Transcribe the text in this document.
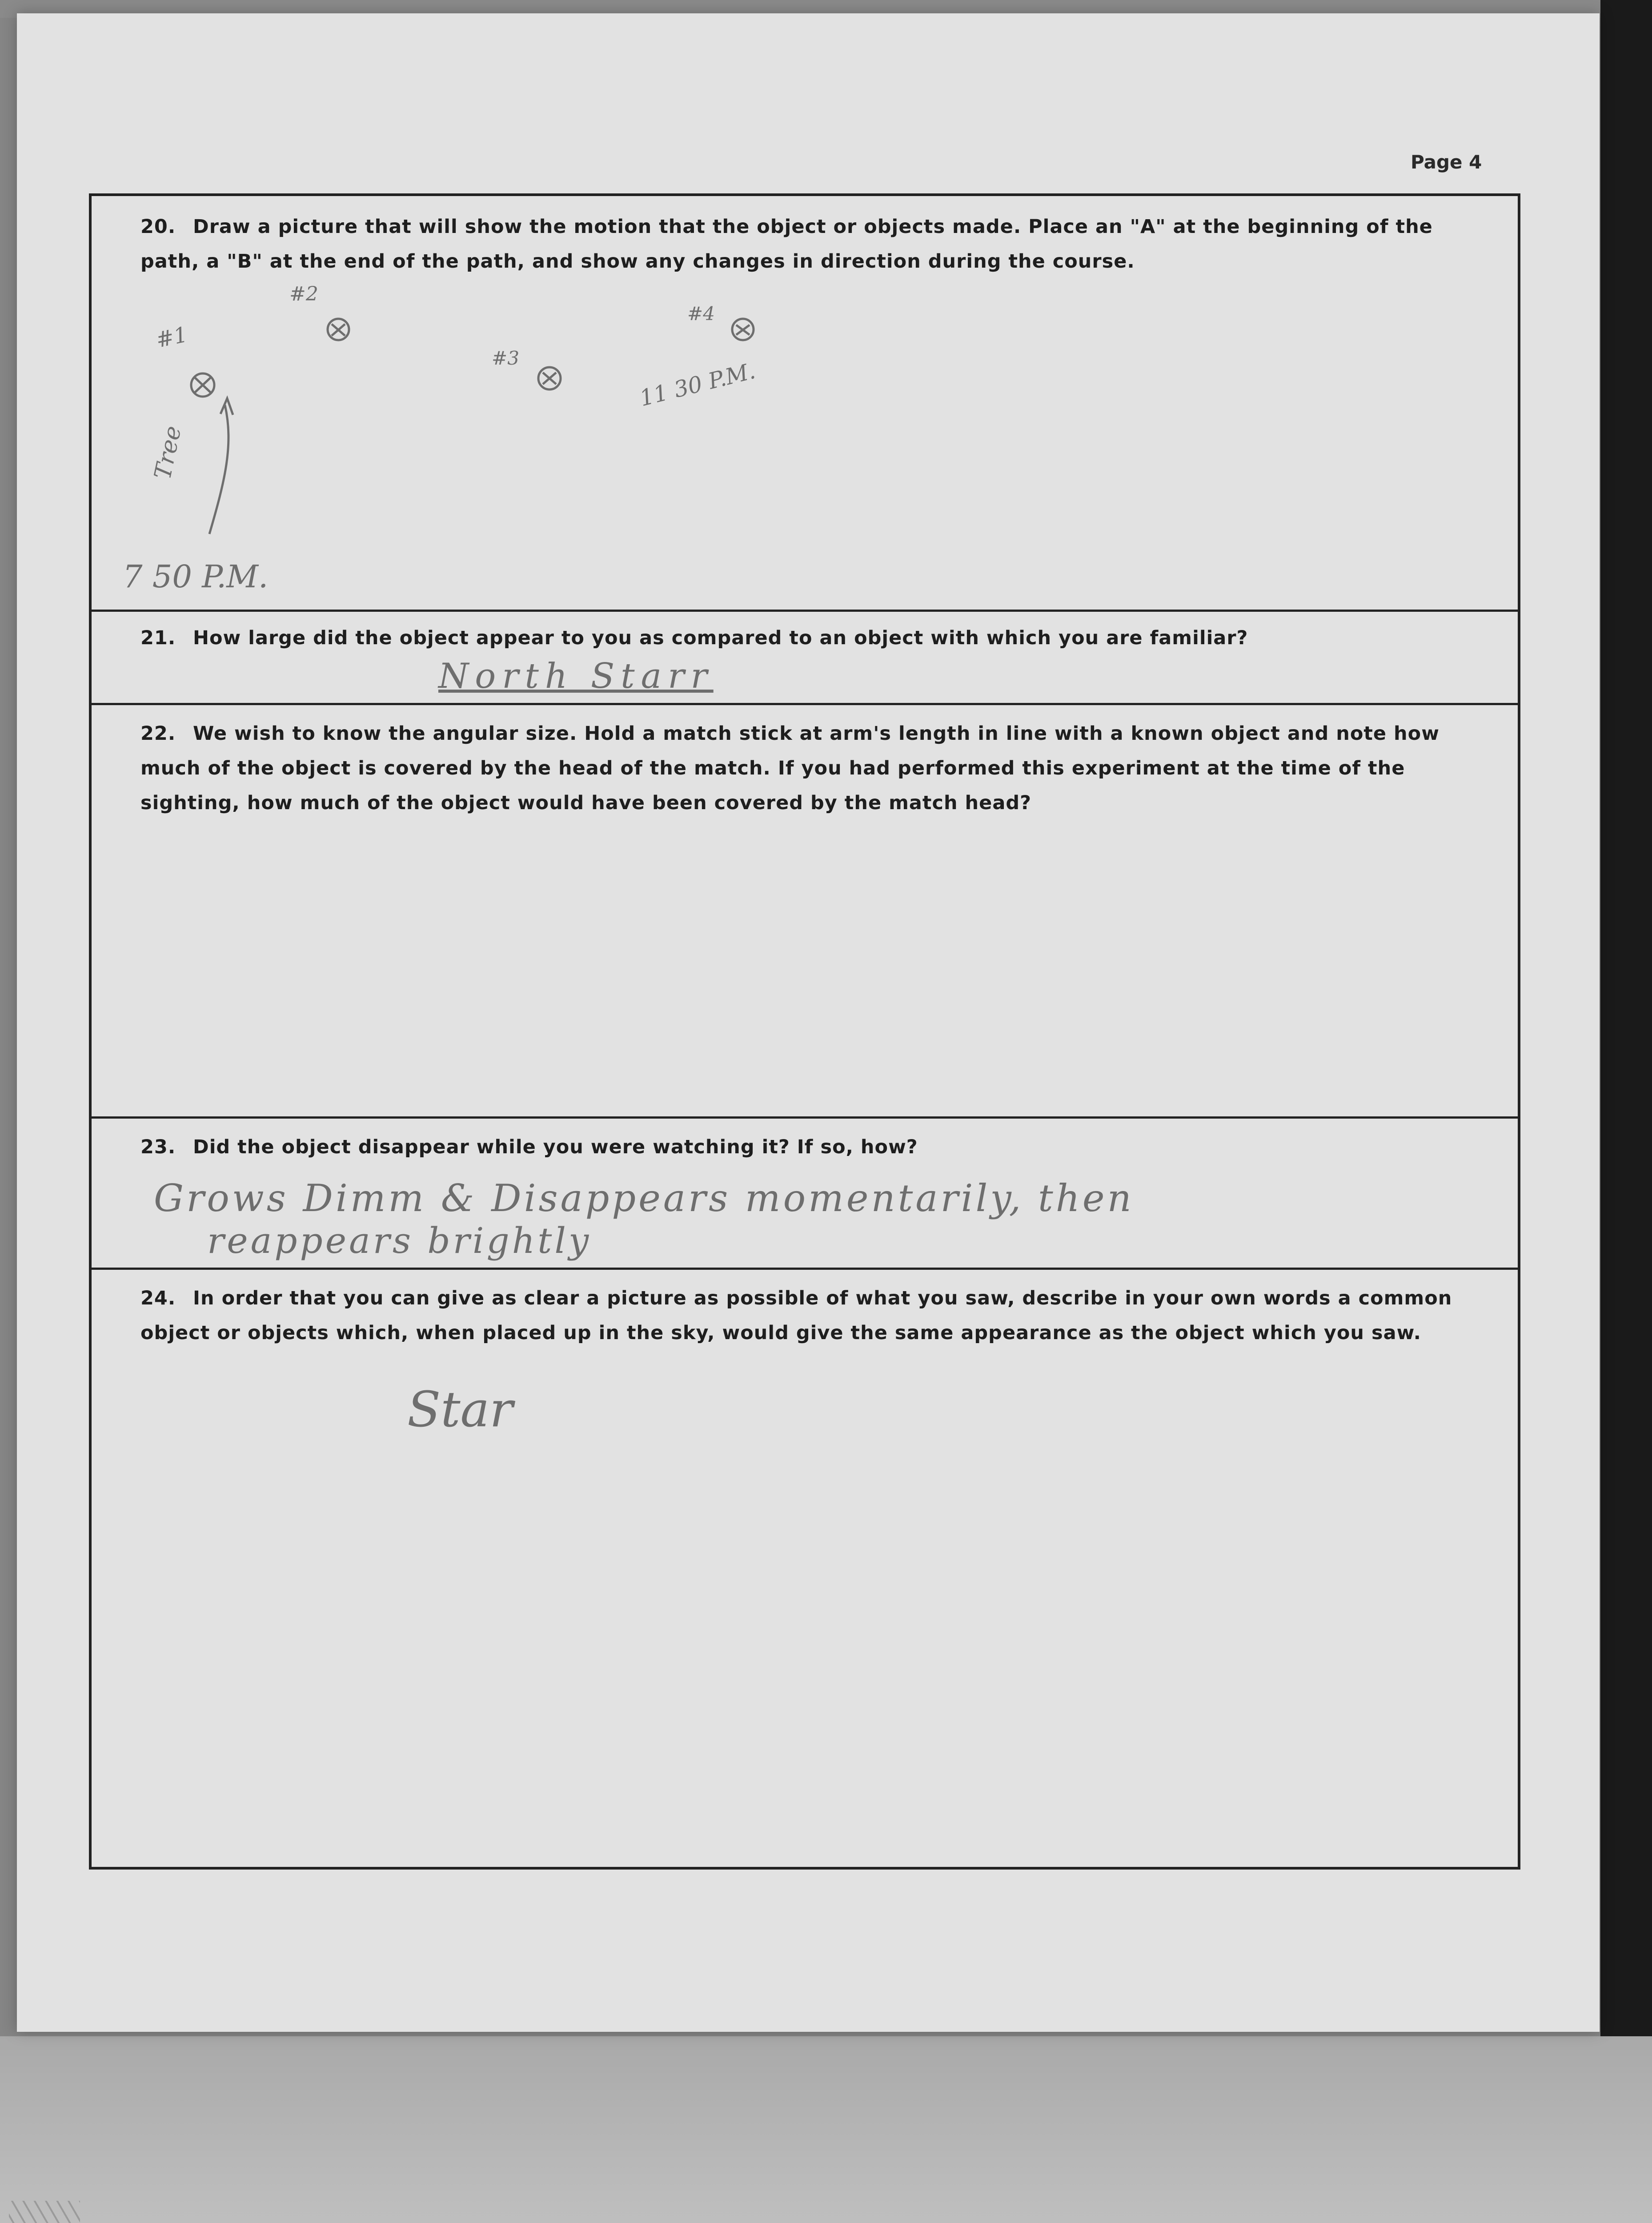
Page 4
20. Draw a picture that will show the motion that the object or objects made. Place an "A" at the beginning of the path, a "B" at the end of the path, and show any changes in direction during the course.
#1
#2
#3
#4
11 30 P.M.
Tree
7 50 P.M.
21. How large did the object appear to you as compared to an object with which you are familiar?
North Starr
22. We wish to know the angular size. Hold a match stick at arm's length in line with a known object and note how much of the object is covered by the head of the match. If you had performed this experiment at the time of the sighting, how much of the object would have been covered by the match head?
23. Did the object disappear while you were watching it? If so, how?
Grows Dimm & Disappears momentarily, then
reappears brightly
24. In order that you can give as clear a picture as possible of what you saw, describe in your own words a common object or objects which, when placed up in the sky, would give the same appearance as the object which you saw.
Star
